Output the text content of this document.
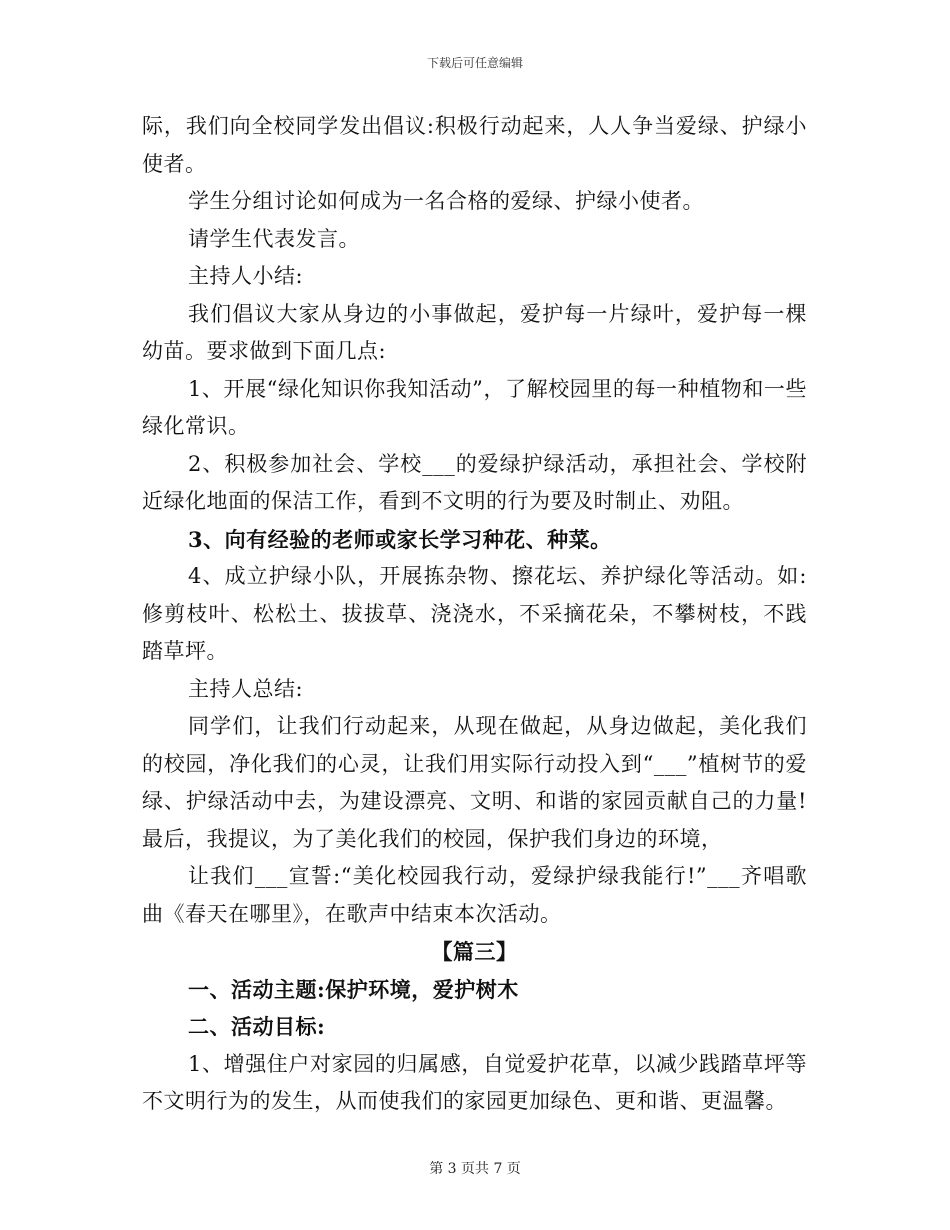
下载后可任意编辑

际，我们向全校同学发出倡议:积极行动起来，人人争当爱绿、护绿小使者。

学生分组讨论如何成为一名合格的爱绿、护绿小使者。

请学生代表发言。

主持人小结:

我们倡议大家从身边的小事做起，爱护每一片绿叶，爱护每一棵幼苗。要求做到下面几点:

1、开展“绿化知识你我知活动”，了解校园里的每一种植物和一些绿化常识。

2、积极参加社会、学校___的爱绿护绿活动，承担社会、学校附近绿化地面的保洁工作，看到不文明的行为要及时制止、劝阻。

3、向有经验的老师或家长学习种花、种菜。

4、成立护绿小队，开展拣杂物、擦花坛、养护绿化等活动。如:修剪枝叶、松松土、拔拔草、浇浇水，不采摘花朵，不攀树枝，不践踏草坪。

主持人总结:

同学们，让我们行动起来，从现在做起，从身边做起，美化我们的校园，净化我们的心灵，让我们用实际行动投入到“___”植树节的爱绿、护绿活动中去，为建设漂亮、文明、和谐的家园贡献自己的力量!最后，我提议，为了美化我们的校园，保护我们身边的环境，

让我们___宣誓:“美化校园我行动，爱绿护绿我能行!”___齐唱歌曲《春天在哪里》，在歌声中结束本次活动。

【篇三】

一、活动主题:保护环境，爱护树木

二、活动目标:

1、增强住户对家园的归属感，自觉爱护花草，以减少践踏草坪等不文明行为的发生，从而使我们的家园更加绿色、更和谐、更温馨。

第 3 页共 7 页
